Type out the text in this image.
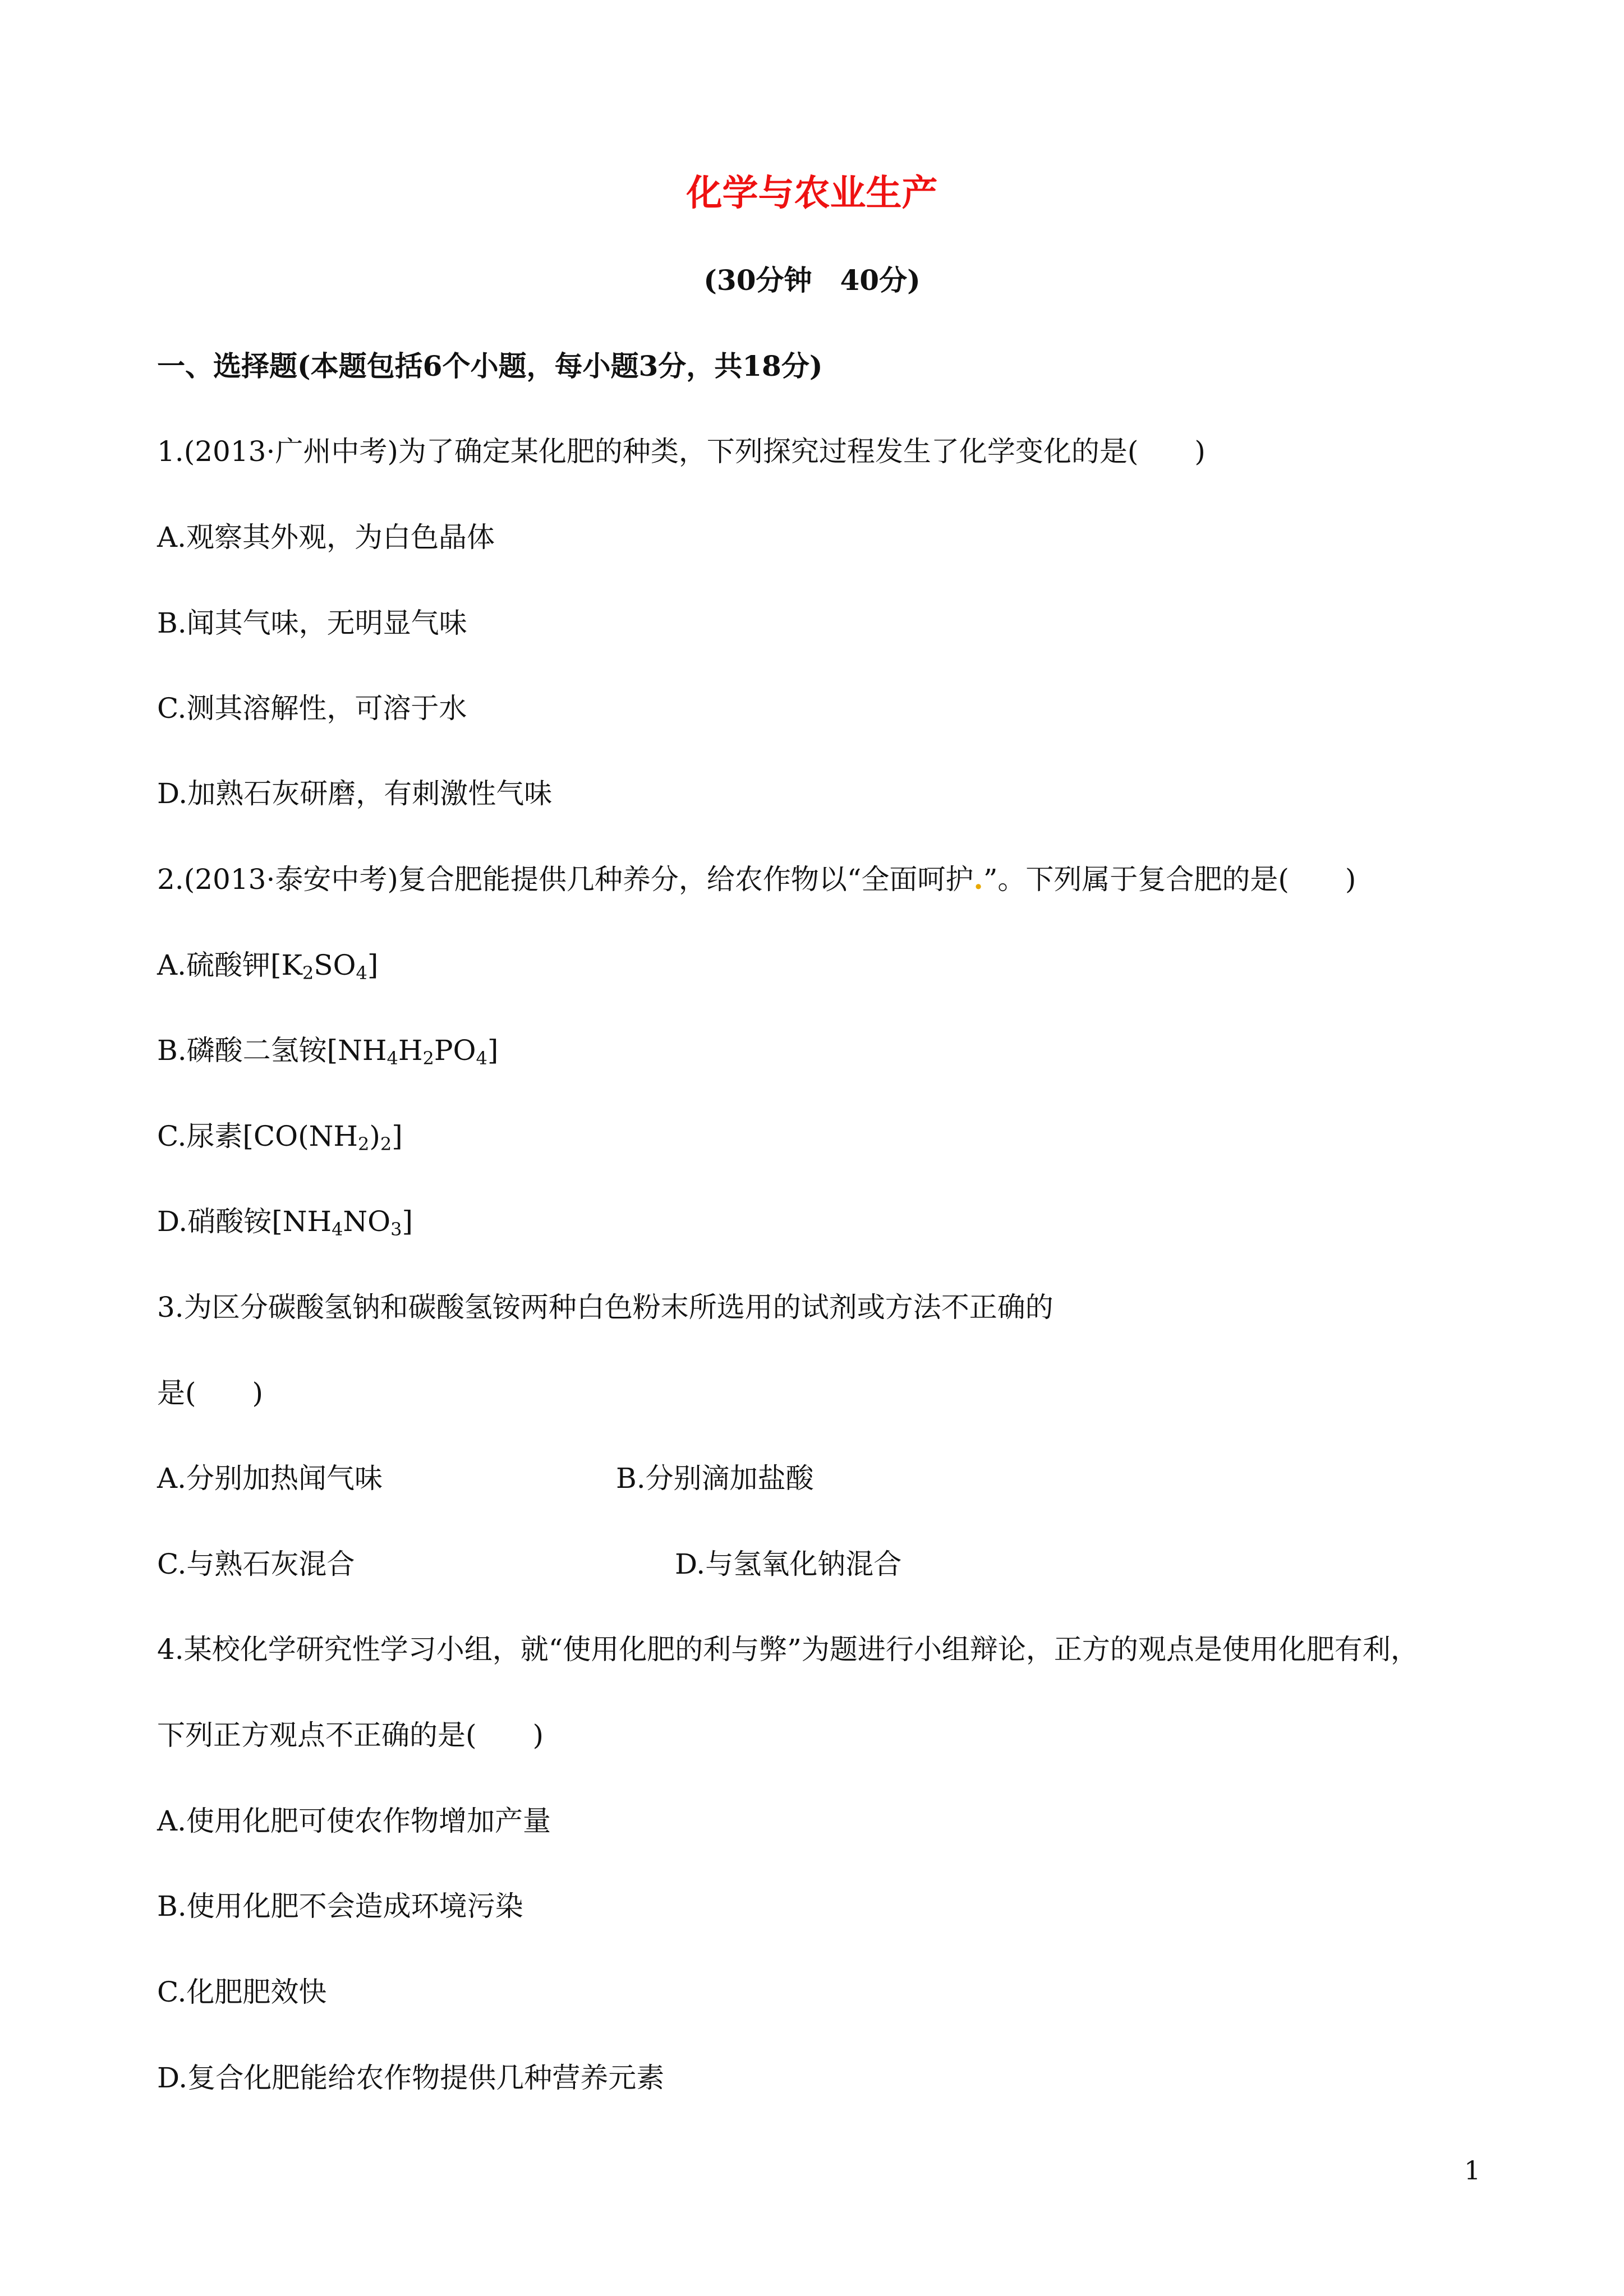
化学与农业生产
(30分钟　40分)
一、选择题(本题包括6个小题，每小题3分，共18分)
1.(2013·广州中考)为了确定某化肥的种类，下列探究过程发生了化学变化的是(　　)
A.观察其外观，为白色晶体
B.闻其气味，无明显气味
C.测其溶解性，可溶于水
D.加熟石灰研磨，有刺激性气味
2.(2013·泰安中考)复合肥能提供几种养分，给农作物以“全面呵护.”。下列属于复合肥的是(　　)
A.硫酸钾$[K_2SO_4]$
B.磷酸二氢铵$[NH_4H_2PO_4]$
C.尿素$[CO(NH_2)_2]$
D.硝酸铵$[NH_4NO_3]$
3.为区分碳酸氢钠和碳酸氢铵两种白色粉末所选用的试剂或方法不正确的
是(　　)
A.分别加热闻气味	B.分别滴加盐酸
C.与熟石灰混合	D.与氢氧化钠混合
4.某校化学研究性学习小组，就“使用化肥的利与弊”为题进行小组辩论，正方的观点是使用化肥有利，
下列正方观点不正确的是(　　)
A.使用化肥可使农作物增加产量
B.使用化肥不会造成环境污染
C.化肥肥效快
D.复合化肥能给农作物提供几种营养元素
1
